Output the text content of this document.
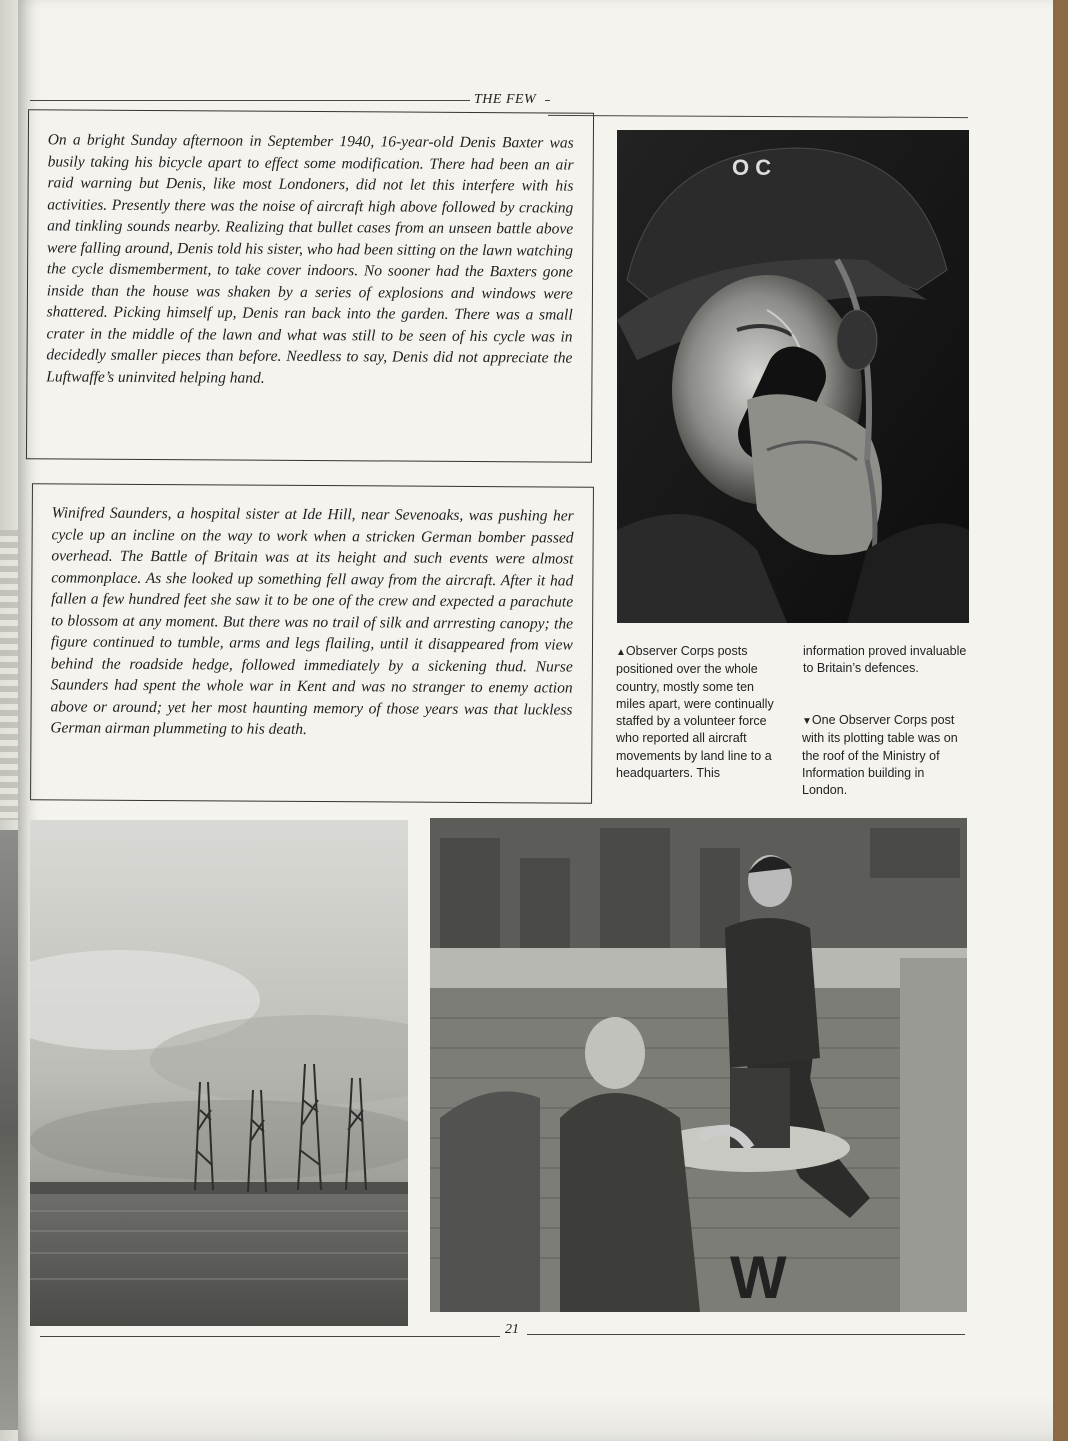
THE FEW

On a bright Sunday afternoon in September 1940, 16-year-old Denis Baxter was busily taking his bicycle apart to effect some modification. There had been an air raid warning but Denis, like most Londoners, did not let this interfere with his activities. Presently there was the noise of aircraft high above followed by cracking and tinkling sounds nearby. Realizing that bullet cases from an unseen battle above were falling around, Denis told his sister, who had been sitting on the lawn watching the cycle dismemberment, to take cover indoors. No sooner had the Baxters gone inside than the house was shaken by a series of explosions and windows were shattered. Picking himself up, Denis ran back into the garden. There was a small crater in the middle of the lawn and what was still to be seen of his cycle was in decidedly smaller pieces than before. Needless to say, Denis did not appreciate the Luftwaffe’s uninvited helping hand.

Winifred Saunders, a hospital sister at Ide Hill, near Sevenoaks, was pushing her cycle up an incline on the way to work when a stricken German bomber passed overhead. The Battle of Britain was at its height and such events were almost commonplace. As she looked up something fell away from the aircraft. After it had fallen a few hundred feet she saw it to be one of the crew and expected a parachute to blossom at any moment. But there was no trail of silk and arrresting canopy; the figure continued to tumble, arms and legs flailing, until it disappeared from view behind the roadside hedge, followed immediately by a sickening thud. Nurse Saunders had spent the whole war in Kent and was no stranger to enemy action above or around; yet her most haunting memory of those years was that luckless German airman plummeting to his death.

O C

▲Observer Corps posts positioned over the whole country, mostly some ten miles apart, were continually staffed by a volunteer force who reported all aircraft movements by land line to a headquarters. This

information proved invaluable to Britain’s defences.

▼One Observer Corps post with its plotting table was on the roof of the Ministry of Information building in London.

W
21
